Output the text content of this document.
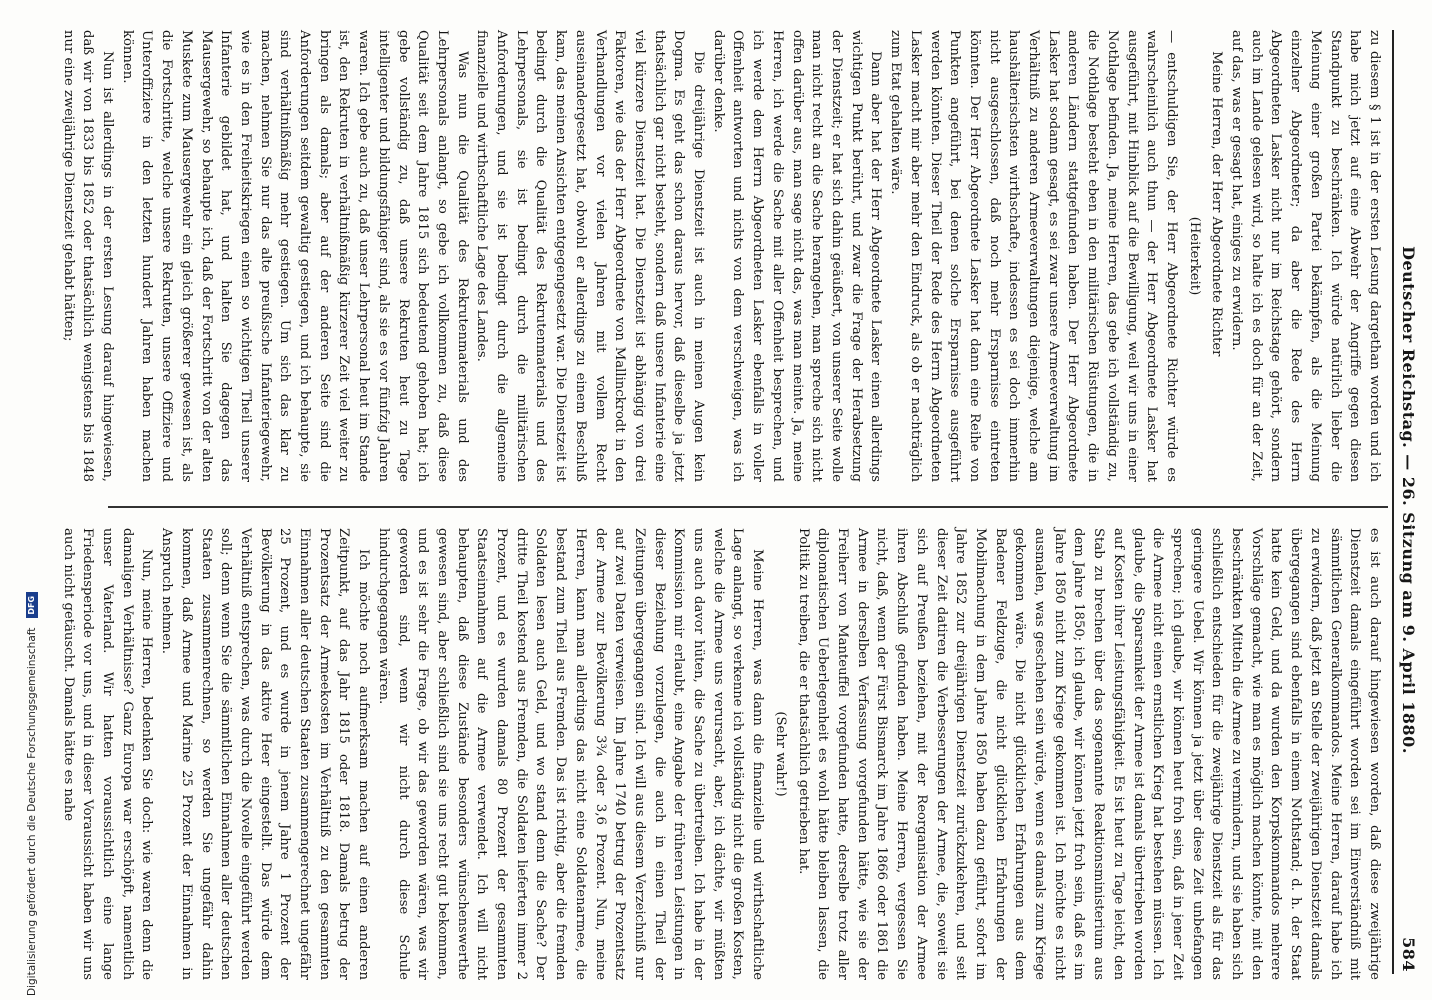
Deutscher Reichstag. — 26. Sitzung am 9. April 1880.
584

zu diesem § 1 ist in der ersten Lesung dargethan worden und ich habe mich jetzt auf eine Abwehr der Angriffe gegen diesen Standpunkt zu beschränken. Ich würde natürlich lieber die Meinung einer großen Partei bekämpfen, als die Meinung einzelner Abgeordneter; da aber die Rede des Herrn Abgeordneten Lasker nicht nur im Reichstage gehört, sondern auch im Lande gelesen wird, so halte ich es doch für an der Zeit, auf das, was er gesagt hat, einiges zu erwidern.

Meine Herren, der Herr Abgeordnete Richter

(Heiterkeit)

— entschuldigen Sie, der Herr Abgeordnete Richter würde es wahrscheinlich auch thun — der Herr Abgeordnete Lasker hat ausgeführt, mit Hinblick auf die Bewilligung, weil wir uns in einer Nothlage befinden. Ja, meine Herren, das gebe ich vollständig zu, die Nothlage besteht eben in den militärischen Rüstungen, die in anderen Ländern stattgefunden haben. Der Herr Abgeordnete Lasker hat sodann gesagt, es sei zwar unsere Armeeverwaltung im Verhältniß zu anderen Armeeverwaltungen diejenige, welche am haushälterischsten wirthschafte, indessen es sei doch immerhin nicht ausgeschlossen, daß noch mehr Ersparnisse eintreten könnten. Der Herr Abgeordnete Lasker hat dann eine Reihe von Punkten angeführt, bei denen solche Ersparnisse ausgeführt werden könnten. Dieser Theil der Rede des Herrn Abgeordneten Lasker macht mir aber mehr den Eindruck, als ob er nachträglich zum Etat gehalten wäre.

Dann aber hat der Herr Abgeordnete Lasker einen allerdings wichtigen Punkt berührt, und zwar die Frage der Herabsetzung der Dienstzeit; er hat sich dahin geäußert, von unserer Seite wolle man nicht recht an die Sache herangehen, man spreche sich nicht offen darüber aus, man sage nicht das, was man meinte. Ja, meine Herren, ich werde die Sache mit aller Offenheit besprechen, und ich werde dem Herrn Abgeordneten Lasker ebenfalls in voller Offenheit antworten und nichts von dem verschweigen, was ich darüber denke.

Die dreijährige Dienstzeit ist auch in meinen Augen kein Dogma. Es geht das schon daraus hervor, daß dieselbe ja jetzt thatsächlich gar nicht besteht, sondern daß unsere Infanterie eine viel kürzere Dienstzeit hat. Die Dienstzeit ist abhängig von drei Faktoren, wie das der Herr Abgeordnete von Mallinckrodt in den Verhandlungen vor vielen Jahren mit vollem Recht auseinandergesetzt hat, obwohl er allerdings zu einem Beschluß kam, das meinen Ansichten entgegengesetzt war. Die Dienstzeit ist bedingt durch die Qualität des Rekrutenmaterials und des Lehrpersonals, sie ist bedingt durch die militärischen Anforderungen, und sie ist bedingt durch die allgemeine finanzielle und wirthschaftliche Lage des Landes.

Was nun die Qualität des Rekrutenmaterials und des Lehrpersonals anlangt, so gebe ich vollkommen zu, daß diese Qualität seit dem Jahre 1815 sich bedeutend gehoben hat; ich gebe vollständig zu, daß unsere Rekruten heut zu Tage intelligenter und bildungsfähiger sind, als sie es vor fünfzig Jahren waren. Ich gebe auch zu, daß unser Lehrpersonal heut im Stande ist, den Rekruten in verhältnißmäßig kürzerer Zeit viel weiter zu bringen als damals; aber auf der anderen Seite sind die Anforderungen seitdem gewaltig gestiegen, und ich behaupte, sie sind verhältnißmäßig mehr gestiegen. Um sich das klar zu machen, nehmen Sie nur das alte preußische Infanteriegewehr, wie es in den Freiheitskriegen einen so wichtigen Theil unserer Infanterie gebildet hat, und halten Sie dagegen das Mausergewehr, so behaupte ich, daß der Fortschritt von der alten Muskete zum Mausergewehr ein gleich größerer gewesen ist, als die Fortschritte, welche unsere Rekruten, unsere Offiziere und Unteroffiziere in den letzten hundert Jahren haben machen können.

Nun ist allerdings in der ersten Lesung darauf hingewiesen, daß wir von 1833 bis 1852 oder thatsächlich wenigstens bis 1848 nur eine zweijährige Dienstzeit gehabt hätten;

es ist auch darauf hingewiesen worden, daß diese zweijährige Dienstzeit damals eingeführt worden sei im Einverständniß mit sämmtlichen Generalkommandos. Meine Herren, darauf habe ich zu erwidern, daß jetzt an Stelle der zweijährigen Dienstzeit damals übergegangen sind ebenfalls in einem Nothstand; d. h. der Staat hatte kein Geld, und da wurden den Korpskommandos mehrere Vorschläge gemacht, wie man es möglich machen könnte, mit den beschränkten Mitteln die Armee zu vermindern, und sie haben sich schließlich entschieden für die zweijährige Dienstzeit als für das geringere Uebel. Wir können ja jetzt über diese Zeit unbefangen sprechen; ich glaube, wir können heut froh sein, daß in jener Zeit die Armee nicht einen ernstlichen Krieg hat bestehen müssen. Ich glaube, die Sparsamkeit der Armee ist damals übertrieben worden auf Kosten ihrer Leistungsfähigkeit. Es ist heut zu Tage leicht, den Stab zu brechen über das sogenannte Reaktionsministerium aus dem Jahre 1850; ich glaube, wir können jetzt froh sein, daß es im Jahre 1850 nicht zum Kriege gekommen ist. Ich möchte es nicht ausmalen, was geschehen sein würde, wenn es damals zum Kriege gekommen wäre. Die nicht glücklichen Erfahrungen aus dem Badener Feldzuge, die nicht glücklichen Erfahrungen der Mobilmachung in dem Jahre 1850 haben dazu geführt, sofort im Jahre 1852 zur dreijährigen Dienstzeit zurückzukehren, und seit dieser Zeit datiren die Verbesserungen der Armee, die, soweit sie sich auf Preußen beziehen, mit der Reorganisation der Armee ihren Abschluß gefunden haben. Meine Herren, vergessen Sie nicht, daß, wenn der Fürst Bismarck im Jahre 1866 oder 1861 die Armee in derselben Verfassung vorgefunden hätte, wie sie der Freiherr von Manteuffel vorgefunden hatte, derselbe trotz aller diplomatischen Ueberlegenheit es wohl hätte bleiben lassen, die Politik zu treiben, die er thatsächlich getrieben hat.

(Sehr wahr!)

Meine Herren, was dann die finanzielle und wirthschaftliche Lage anlangt, so verkenne ich vollständig nicht die großen Kosten, welche die Armee uns verursacht, aber, ich dächte, wir müßten uns auch davor hüten, die Sache zu übertreiben. Ich habe in der Kommission mir erlaubt, eine Angabe der früheren Leistungen in dieser Beziehung vorzulegen, die auch in einen Theil der Zeitungen übergegangen sind. Ich will aus diesem Verzeichniß nur auf zwei Daten verweisen. Im Jahre 1740 betrug der Prozentsatz der Armee zur Bevölkerung 3¾ oder 3,6 Prozent. Nun, meine Herren, kann man allerdings das nicht eine Soldatenarmee, die bestand zum Theil aus Fremden. Das ist richtig, aber die fremden Soldaten lesen auch Geld, und wo stand denn die Sache? Der dritte Theil kostend aus Fremden, die Soldaten lieferten immer 2 Prozent, und es wurden damals 80 Prozent der gesammten Staatseinnahmen auf die Armee verwendet. Ich will nicht behaupten, daß diese Zustände besonders wünschenswerthe gewesen sind, aber schließlich sind sie uns recht gut bekommen, und es ist sehr die Frage, ob wir das geworden wären, was wir geworden sind, wenn wir nicht durch diese Schule hindurchgegangen wären.

Ich möchte noch aufmerksam machen auf einen anderen Zeitpunkt, auf das Jahr 1815 oder 1818. Damals betrug der Prozentsatz der Armeekosten im Verhältniß zu den gesammten Einnahmen aller deutschen Staaten zusammengerechnet ungefähr 25 Prozent, und es wurde in jenem Jahre 1 Prozent der Bevölkerung in das aktive Heer eingestellt. Das würde dem Verhältniß entsprechen, was durch die Novelle eingeführt werden soll; denn wenn Sie die sämmtlichen Einnahmen aller deutschen Staaten zusammenrechnen, so werden Sie ungefähr dahin kommen, daß Armee und Marine 25 Prozent der Einnahmen in Anspruch nehmen.

Nun, meine Herren, bedenken Sie doch: wie waren denn die damaligen Verhältnisse? Ganz Europa war erschöpft, namentlich unser Vaterland. Wir hatten voraussichtlich eine lange Friedensperiode vor uns, und in dieser Voraussicht haben wir uns auch nicht getäuscht. Damals hätte es nahe

Digitalisierung gefördert durch die Deutsche Forschungsgemeinschaft DFG
